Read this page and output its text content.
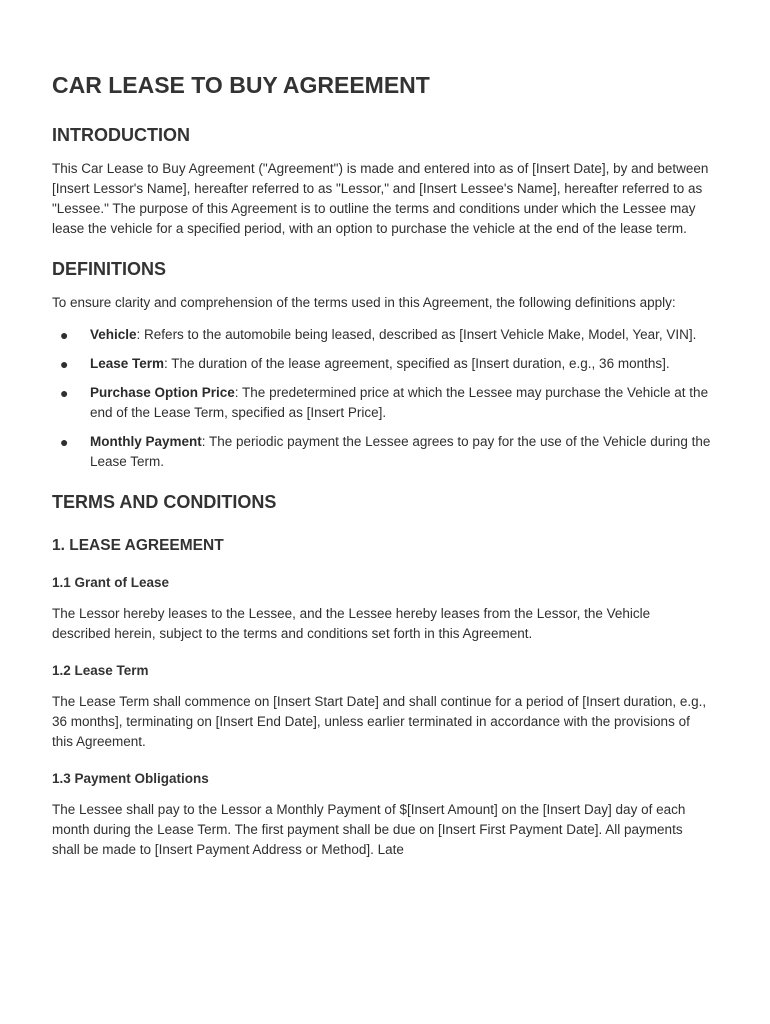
CAR LEASE TO BUY AGREEMENT
INTRODUCTION

This Car Lease to Buy Agreement ("Agreement") is made and entered into as of [Insert Date], by and between [Insert Lessor's Name], hereafter referred to as "Lessor," and [Insert Lessee's Name], hereafter referred to as "Lessee." The purpose of this Agreement is to outline the terms and conditions under which the Lessee may lease the vehicle for a specified period, with an option to purchase the vehicle at the end of the lease term.

DEFINITIONS

To ensure clarity and comprehension of the terms used in this Agreement, the following definitions apply:

● Vehicle: Refers to the automobile being leased, described as [Insert Vehicle Make, Model, Year, VIN].
● Lease Term: The duration of the lease agreement, specified as [Insert duration, e.g., 36 months].
● Purchase Option Price: The predetermined price at which the Lessee may purchase the Vehicle at the end of the Lease Term, specified as [Insert Price].
● Monthly Payment: The periodic payment the Lessee agrees to pay for the use of the Vehicle during the Lease Term.
TERMS AND CONDITIONS
1. LEASE AGREEMENT
1.1 Grant of Lease

The Lessor hereby leases to the Lessee, and the Lessee hereby leases from the Lessor, the Vehicle described herein, subject to the terms and conditions set forth in this Agreement.

1.2 Lease Term

The Lease Term shall commence on [Insert Start Date] and shall continue for a period of [Insert duration, e.g., 36 months], terminating on [Insert End Date], unless earlier terminated in accordance with the provisions of this Agreement.

1.3 Payment Obligations

The Lessee shall pay to the Lessor a Monthly Payment of $[Insert Amount] on the [Insert Day] day of each month during the Lease Term. The first payment shall be due on [Insert First Payment Date]. All payments shall be made to [Insert Payment Address or Method]. Late
